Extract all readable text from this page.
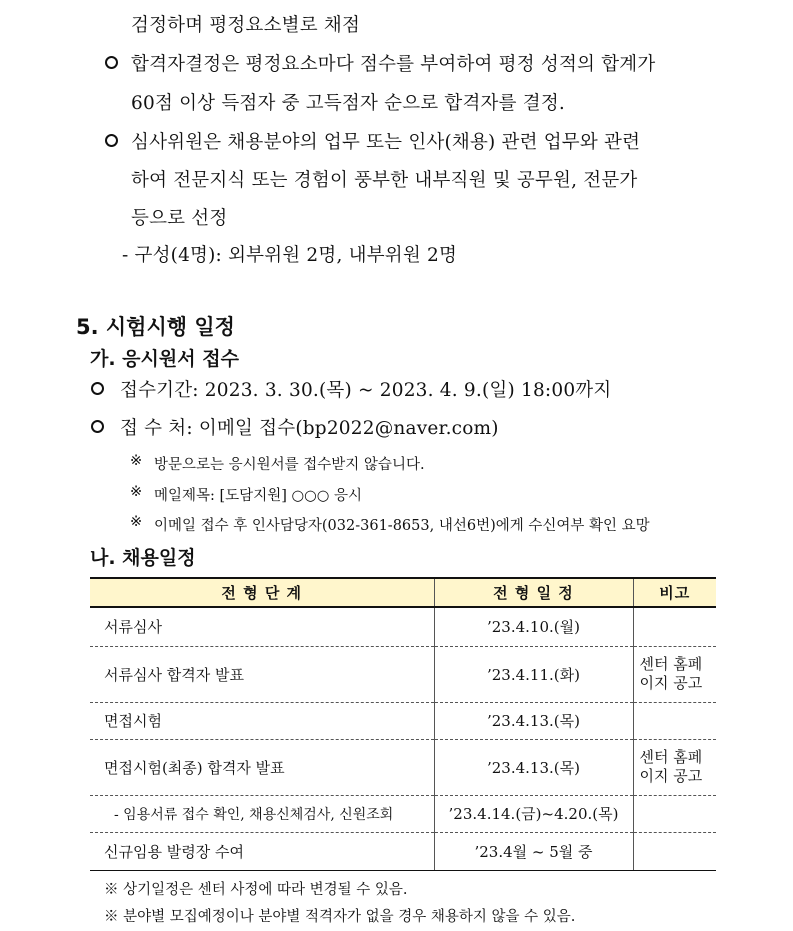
검정하며 평정요소별로 채점
합격자결정은 평정요소마다 점수를 부여하여 평정 성적의 합계가
60점 이상 득점자 중 고득점자 순으로 합격자를 결정.
심사위원은 채용분야의 업무 또는 인사(채용) 관련 업무와 관련
하여 전문지식 또는 경험이 풍부한 내부직원 및 공무원, 전문가
등으로 선정
- 구성(4명): 외부위원 2명, 내부위원 2명
5. 시험시행 일정
가. 응시원서 접수
접수기간: 2023. 3. 30.(목) ~ 2023. 4. 9.(일) 18:00까지
접 수 처: 이메일 접수(bp2022@naver.com)
※ 방문으로는 응시원서를 접수받지 않습니다.
※ 메일제목: [도담지원] ○○○ 응시
※ 이메일 접수 후 인사담당자(032-361-8653, 내선6번)에게 수신여부 확인 요망
나. 채용일정
전 형 단 계	전 형 일 정	비고
서류심사	’23.4.10.(월)	
서류심사 합격자 발표	’23.4.11.(화)	센터 홈페이지 공고
면접시험	’23.4.13.(목)	
면접시험(최종) 합격자 발표	’23.4.13.(목)	센터 홈페이지 공고
- 임용서류 접수 확인, 채용신체검사, 신원조회	’23.4.14.(금)~4.20.(목)	
신규임용 발령장 수여	’23.4월 ~ 5월 중	
※ 상기일정은 센터 사정에 따라 변경될 수 있음.
※ 분야별 모집예정이나 분야별 적격자가 없을 경우 채용하지 않을 수 있음.
